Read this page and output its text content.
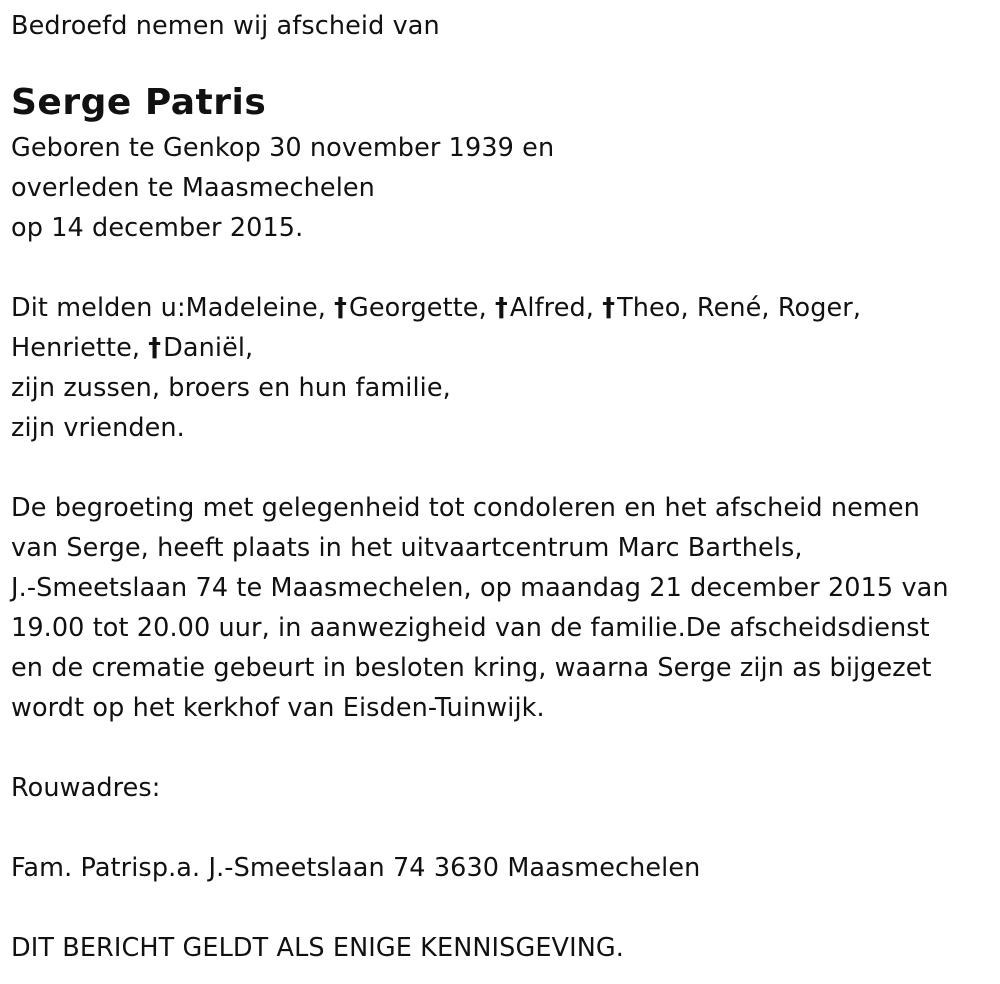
Bedroefd nemen wij afscheid van
Serge Patris
Geboren te Genkop 30 november 1939 en
overleden te Maasmechelen
op 14 december 2015.
Dit melden u:Madeleine, †Georgette, †Alfred, †Theo, René, Roger,
Henriette, †Daniël,
zijn zussen, broers en hun familie,
zijn vrienden.
De begroeting met gelegenheid tot condoleren en het afscheid nemen
van Serge, heeft plaats in het uitvaartcentrum Marc Barthels,
J.-Smeetslaan 74 te Maasmechelen, op maandag 21 december 2015 van
19.00 tot 20.00 uur, in aanwezigheid van de familie.De afscheidsdienst
en de crematie gebeurt in besloten kring, waarna Serge zijn as bijgezet
wordt op het kerkhof van Eisden-Tuinwijk.
Rouwadres:
Fam. Patrisp.a. J.-Smeetslaan 74 3630 Maasmechelen
DIT BERICHT GELDT ALS ENIGE KENNISGEVING.
